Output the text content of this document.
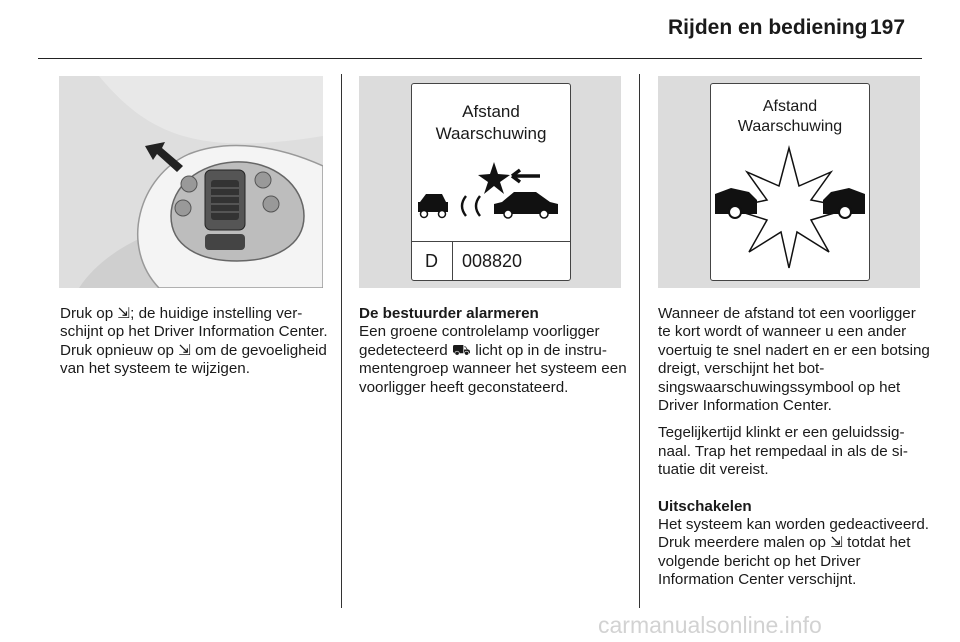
Rijden en bediening 197

Druk op ⇲; de huidige instelling verschijnt op het Driver Information Center. Druk opnieuw op ⇲ om de gevoeligheid van het systeem te wijzigen.

Afstand
Waarschuwing
D 008820
De bestuurder alarmeren

Een groene controlelamp voorligger gedetecteerd ⛟ licht op in de instrumentengroep wanneer het systeem een voorligger heeft geconstateerd.

Afstand
Waarschuwing

Wanneer de afstand tot een voorligger te kort wordt of wanneer u een ander voertuig te snel nadert en er een botsing dreigt, verschijnt het botsingswaarschuwingssymbool op het Driver Information Center.

Tegelijkertijd klinkt er een geluidssignaal. Trap het rempedaal in als de situatie dit vereist.

Uitschakelen

Het systeem kan worden gedeactiveerd. Druk meerdere malen op ⇲ totdat het volgende bericht op het Driver Information Center verschijnt.

carmanualsonline.info
